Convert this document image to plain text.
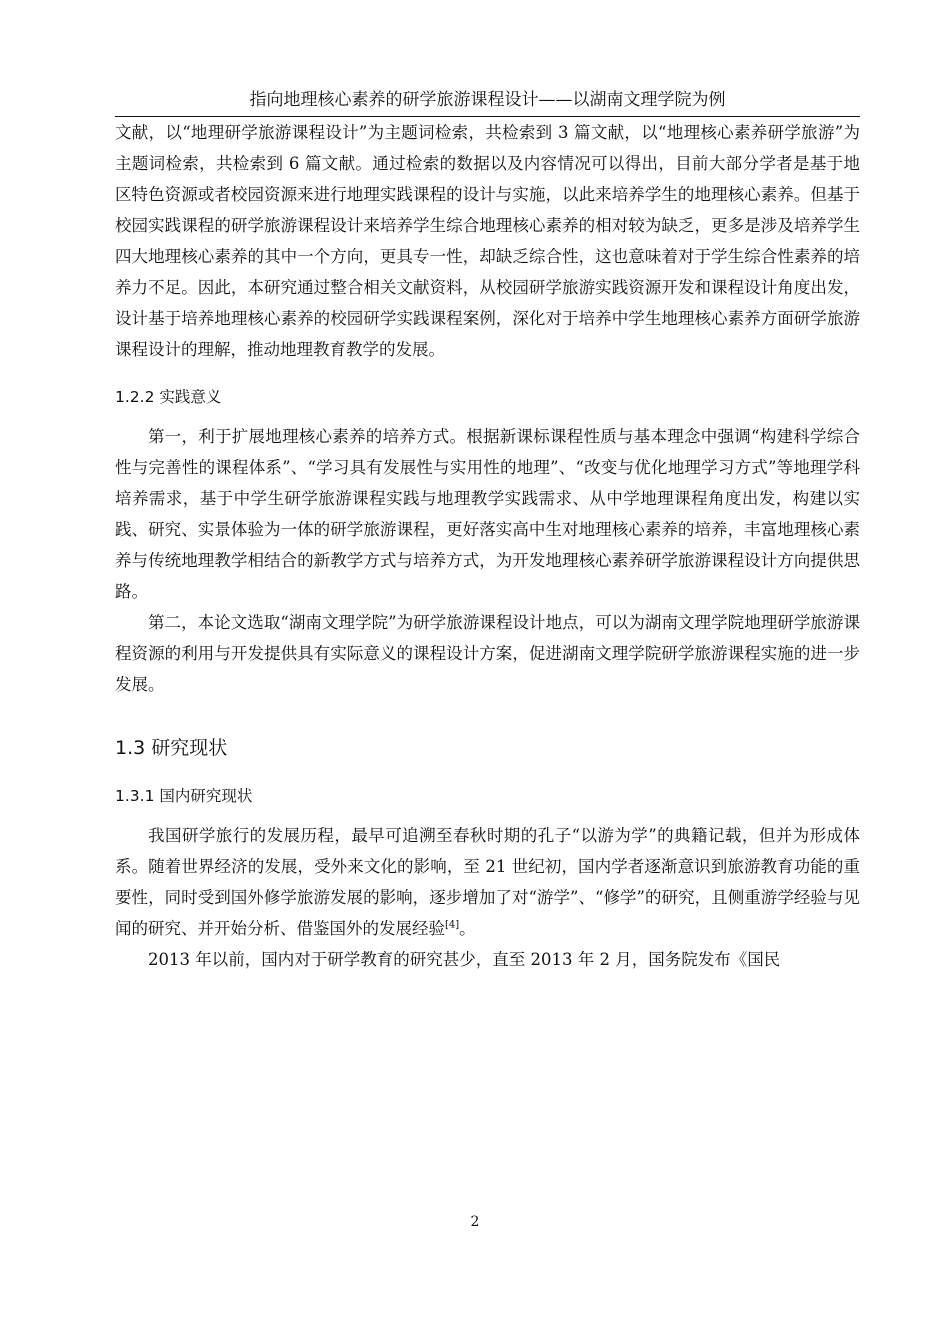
指向地理核心素养的研学旅游课程设计——以湖南文理学院为例

文献，以“地理研学旅游课程设计”为主题词检索，共检索到 3 篇文献，以“地理核心素养研学旅游”为主题词检索，共检索到 6 篇文献。通过检索的数据以及内容情况可以得出，目前大部分学者是基于地区特色资源或者校园资源来进行地理实践课程的设计与实施，以此来培养学生的地理核心素养。但基于校园实践课程的研学旅游课程设计来培养学生综合地理核心素养的相对较为缺乏，更多是涉及培养学生四大地理核心素养的其中一个方向，更具专一性，却缺乏综合性，这也意味着对于学生综合性素养的培养力不足。因此，本研究通过整合相关文献资料，从校园研学旅游实践资源开发和课程设计角度出发，设计基于培养地理核心素养的校园研学实践课程案例，深化对于培养中学生地理核心素养方面研学旅游课程设计的理解，推动地理教育教学的发展。

1.2.2 实践意义

第一，利于扩展地理核心素养的培养方式。根据新课标课程性质与基本理念中强调“构建科学综合性与完善性的课程体系”、“学习具有发展性与实用性的地理”、“改变与优化地理学习方式”等地理学科培养需求，基于中学生研学旅游课程实践与地理教学实践需求、从中学地理课程角度出发，构建以实践、研究、实景体验为一体的研学旅游课程，更好落实高中生对地理核心素养的培养，丰富地理核心素养与传统地理教学相结合的新教学方式与培养方式，为开发地理核心素养研学旅游课程设计方向提供思路。

第二，本论文选取“湖南文理学院”为研学旅游课程设计地点，可以为湖南文理学院地理研学旅游课程资源的利用与开发提供具有实际意义的课程设计方案，促进湖南文理学院研学旅游课程实施的进一步发展。

1.3 研究现状
1.3.1 国内研究现状

我国研学旅行的发展历程，最早可追溯至春秋时期的孔子“以游为学”的典籍记载，但并为形成体系。随着世界经济的发展，受外来文化的影响，至 21 世纪初，国内学者逐渐意识到旅游教育功能的重要性，同时受到国外修学旅游发展的影响，逐步增加了对“游学”、“修学”的研究，且侧重游学经验与见闻的研究、并开始分析、借鉴国外的发展经验[4]。

2013 年以前，国内对于研学教育的研究甚少，直至 2013 年 2 月，国务院发布《国民

2
